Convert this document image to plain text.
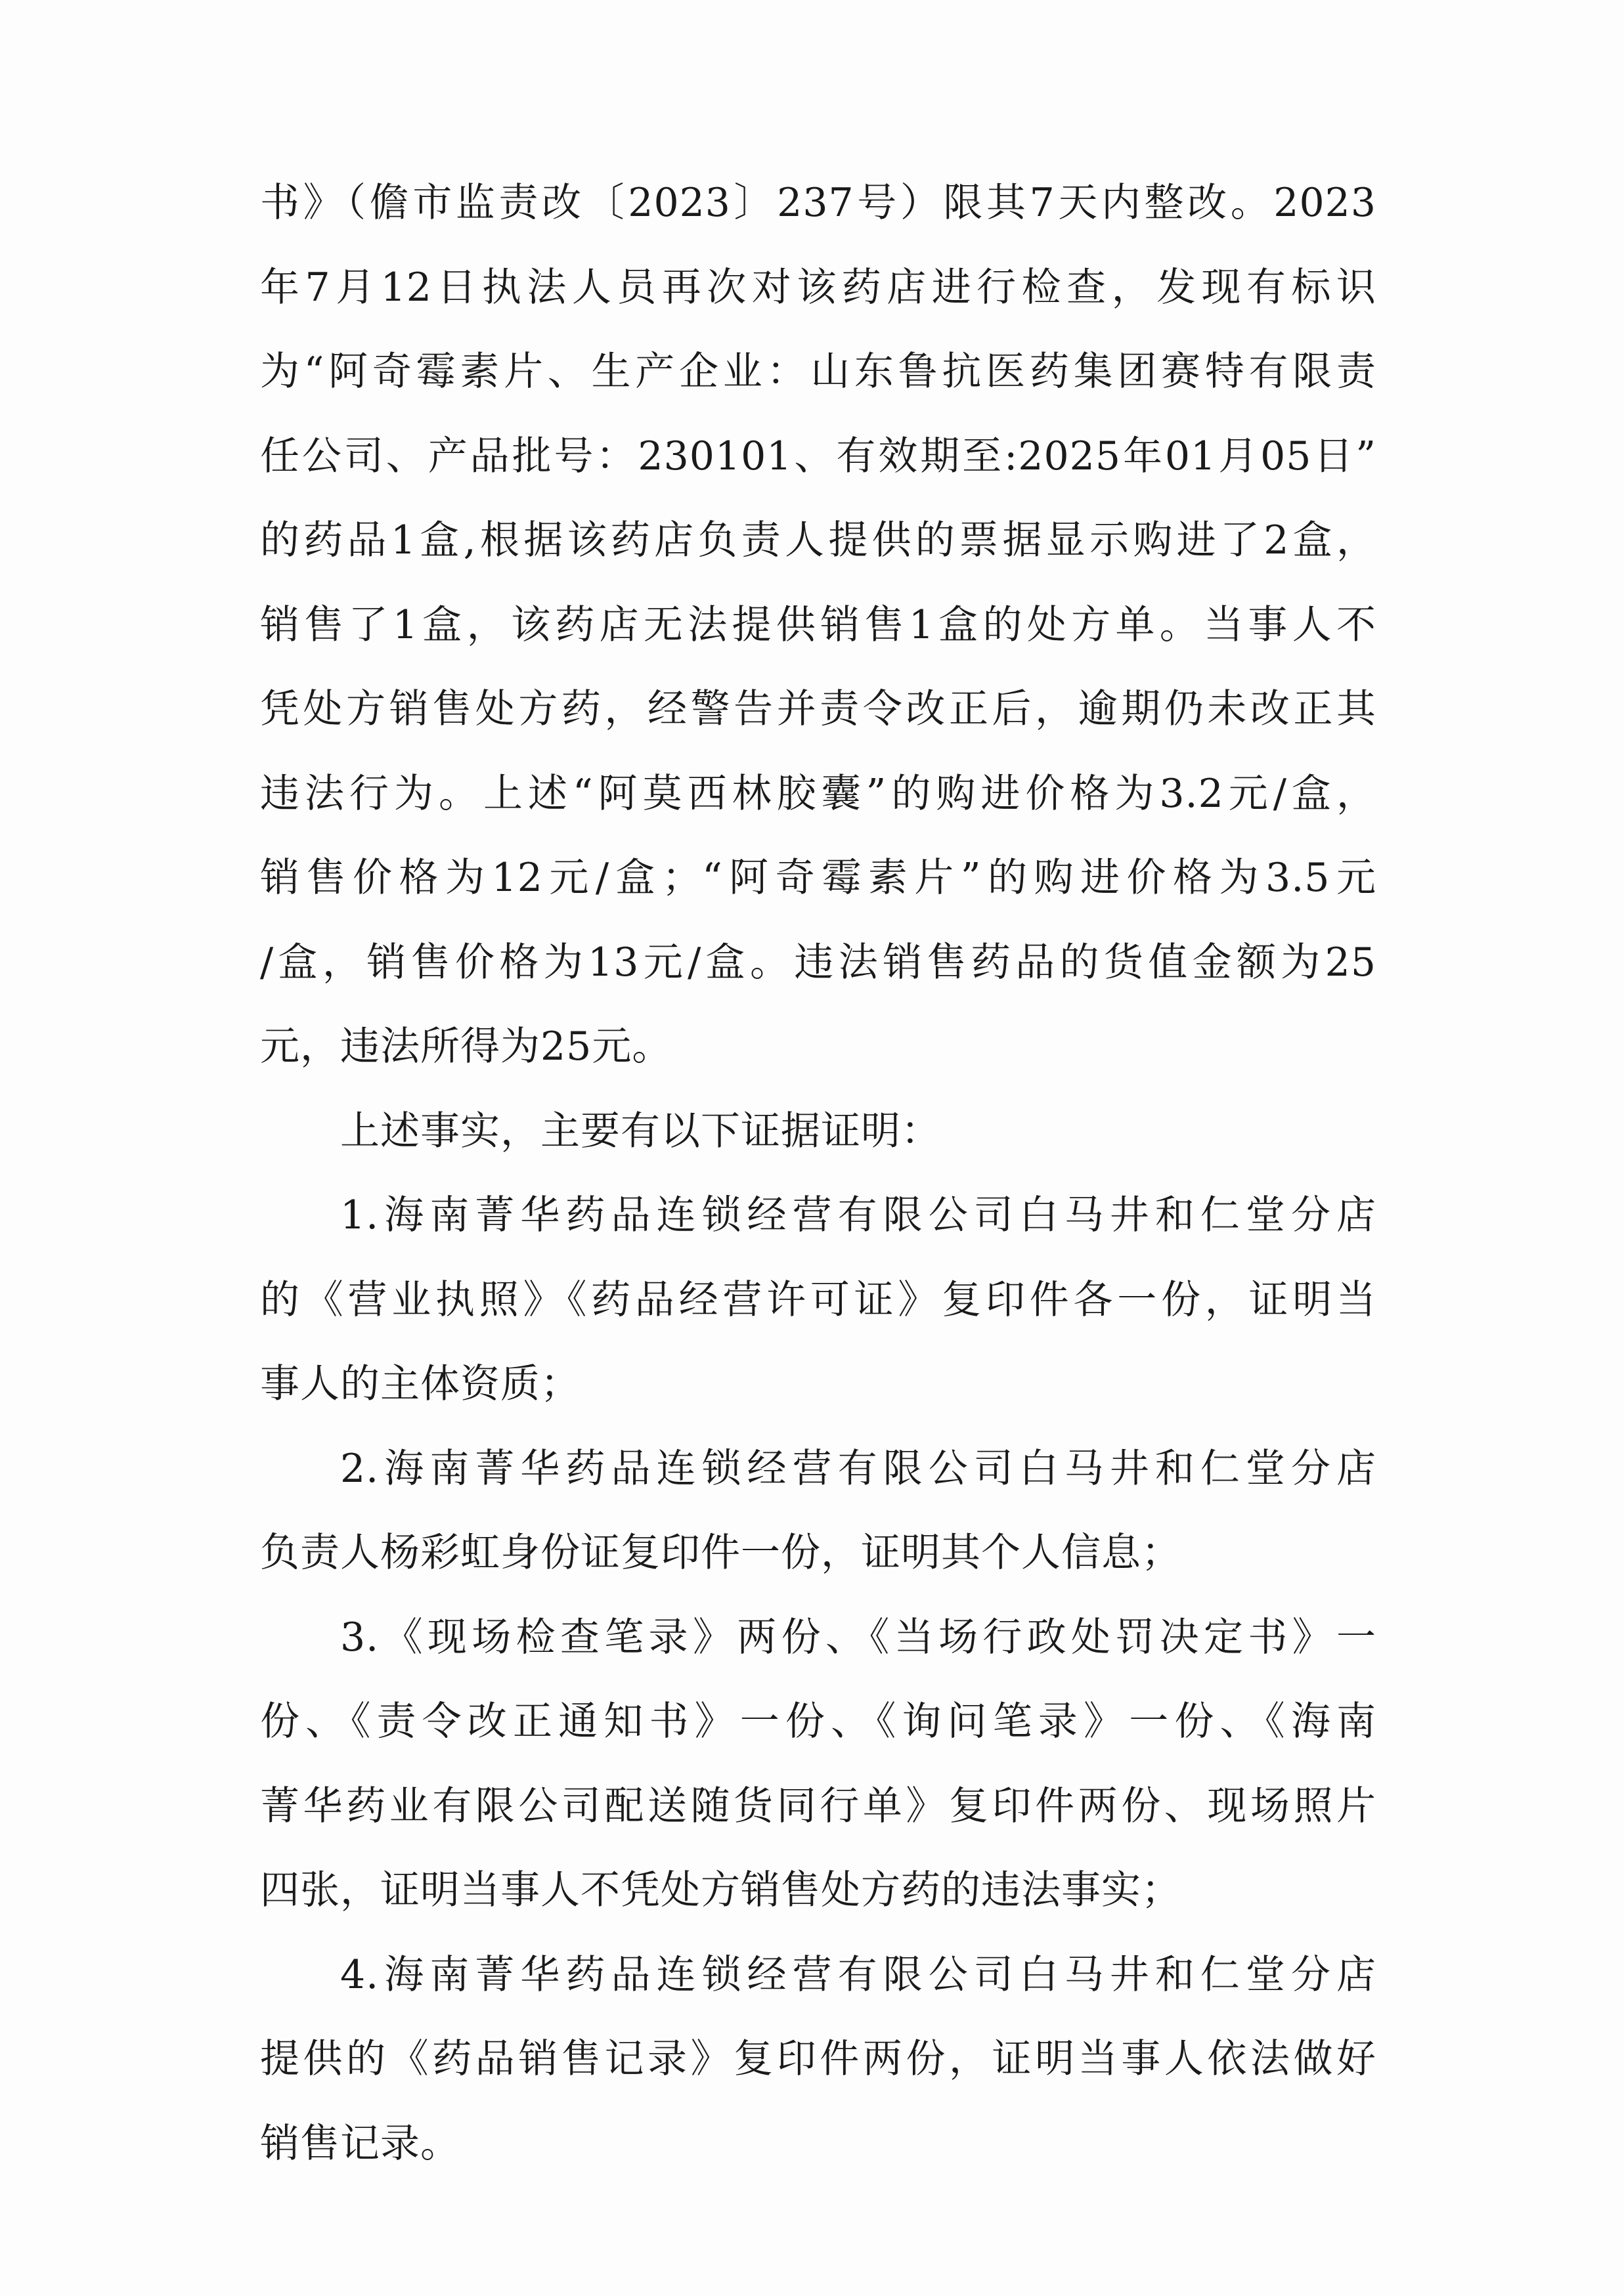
书》（儋市监责改〔2023〕237号）限其7天内整改。2023
年7月12日执法人员再次对该药店进行检查，发现有标识
为“阿奇霉素片、生产企业：山东鲁抗医药集团赛特有限责
任公司、产品批号：230101、有效期至:2025年01月05日”
的药品1盒,根据该药店负责人提供的票据显示购进了2盒，
销售了1盒，该药店无法提供销售1盒的处方单。当事人不
凭处方销售处方药，经警告并责令改正后，逾期仍未改正其
违法行为。上述“阿莫西林胶囊”的购进价格为3.2元/盒，
销售价格为12元/盒；“阿奇霉素片”的购进价格为3.5元
/盒，销售价格为13元/盒。违法销售药品的货值金额为25
元，违法所得为25元。
上述事实，主要有以下证据证明：
1.海南菁华药品连锁经营有限公司白马井和仁堂分店
的《营业执照》《药品经营许可证》复印件各一份，证明当
事人的主体资质；
2.海南菁华药品连锁经营有限公司白马井和仁堂分店
负责人杨彩虹身份证复印件一份，证明其个人信息；
3.《现场检查笔录》两份、《当场行政处罚决定书》一
份、《责令改正通知书》一份、《询问笔录》一份、《海南
菁华药业有限公司配送随货同行单》复印件两份、现场照片
四张，证明当事人不凭处方销售处方药的违法事实；
4.海南菁华药品连锁经营有限公司白马井和仁堂分店
提供的《药品销售记录》复印件两份，证明当事人依法做好
销售记录。
